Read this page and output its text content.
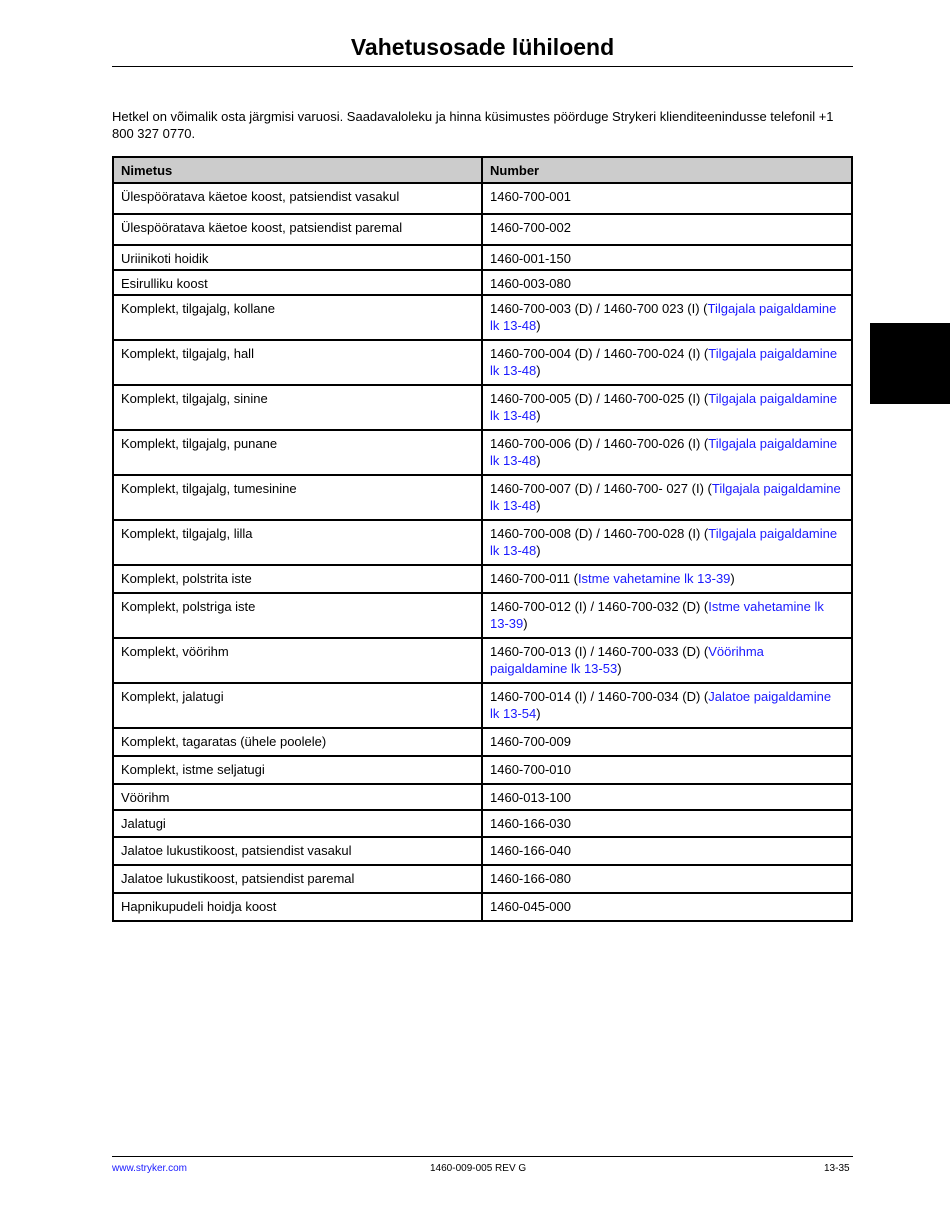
Vahetusosade lühiloend

Hetkel on võimalik osta järgmisi varuosi. Saadavaloleku ja hinna küsimustes pöörduge Strykeri klienditeenindusse telefonil +1 800 327 0770.

Nimetus	Number
Ülespööratava käetoe koost, patsiendist vasakul	1460-700-001
Ülespööratava käetoe koost, patsiendist paremal	1460-700-002
Uriinikoti hoidik	1460-001-150
Esirulliku koost	1460-003-080
Komplekt, tilgajalg, kollane	1460-700-003 (D) / 1460-700 023 (I) (Tilgajala paigaldamine lk 13-48)
Komplekt, tilgajalg, hall	1460-700-004 (D) / 1460-700-024 (I) (Tilgajala paigaldamine lk 13-48)
Komplekt, tilgajalg, sinine	1460-700-005 (D) / 1460-700-025 (I) (Tilgajala paigaldamine lk 13-48)
Komplekt, tilgajalg, punane	1460-700-006 (D) / 1460-700-026 (I) (Tilgajala paigaldamine lk 13-48)
Komplekt, tilgajalg, tumesinine	1460-700-007 (D) / 1460-700- 027 (I) (Tilgajala paigaldamine lk 13-48)
Komplekt, tilgajalg, lilla	1460-700-008 (D) / 1460-700-028 (I) (Tilgajala paigaldamine lk 13-48)
Komplekt, polstrita iste	1460-700-011 (Istme vahetamine lk 13-39)
Komplekt, polstriga iste	1460-700-012 (I) / 1460-700-032 (D) (Istme vahetamine lk 13-39)
Komplekt, vöörihm	1460-700-013 (I) / 1460-700-033 (D) (Vöörihma paigaldamine lk 13-53)
Komplekt, jalatugi	1460-700-014 (I) / 1460-700-034 (D) (Jalatoe paigaldamine lk 13-54)
Komplekt, tagaratas (ühele poolele)	1460-700-009
Komplekt, istme seljatugi	1460-700-010
Vöörihm	1460-013-100
Jalatugi	1460-166-030
Jalatoe lukustikoost, patsiendist vasakul	1460-166-040
Jalatoe lukustikoost, patsiendist paremal	1460-166-080
Hapnikupudeli hoidja koost	1460-045-000
www.stryker.com	1460-009-005 REV G	13-35
